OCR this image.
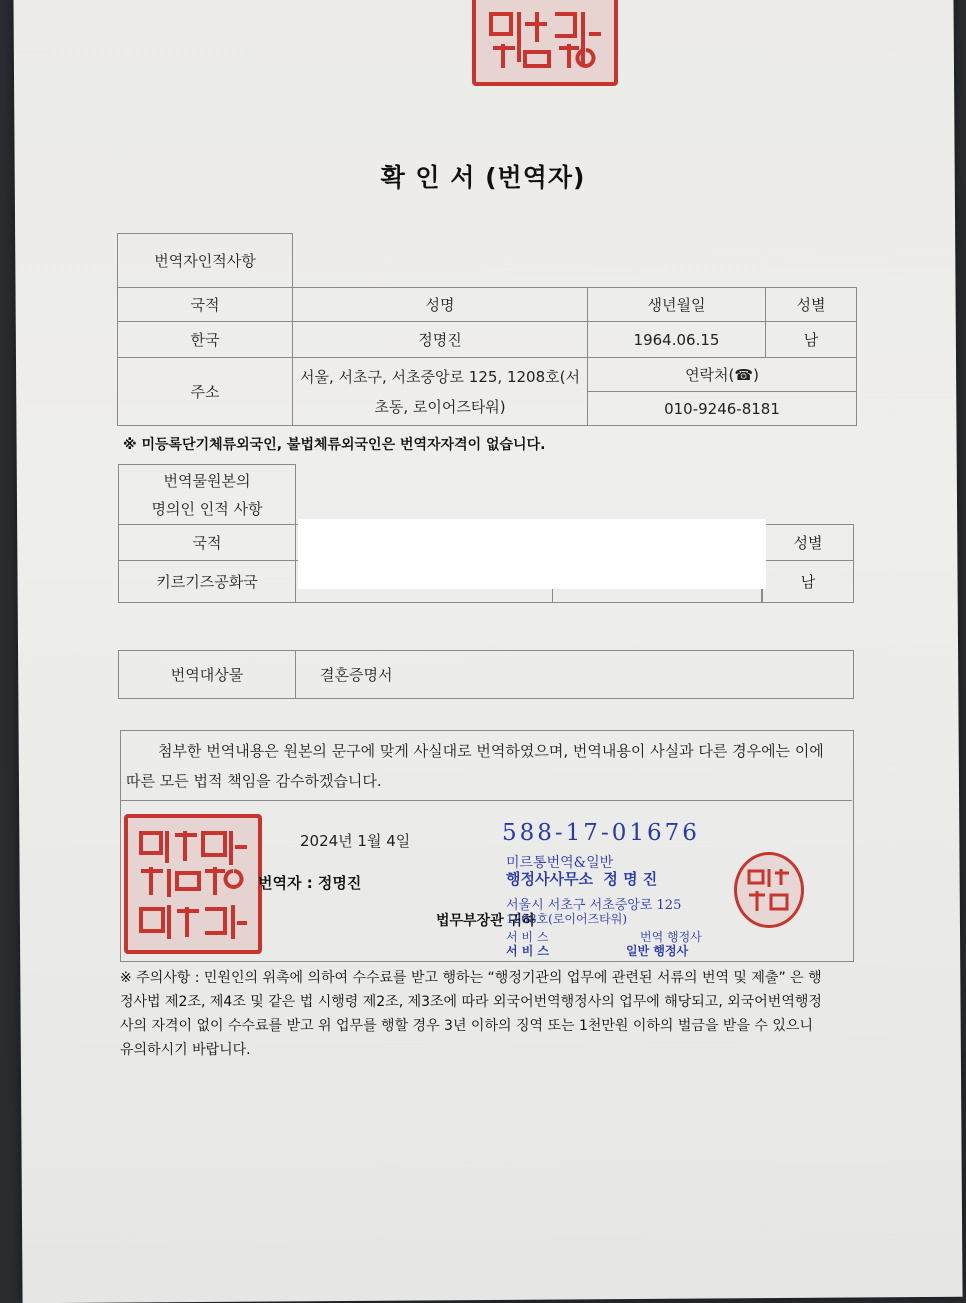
확 인 서 (번역자)
번역자인적사항			
국적	성명	생년월일	성별
한국	정명진	1964.06.15	남
주소	서울, 서초구, 서초중앙로 125, 1208호(서
초동, 로이어즈타워)	연락처(☎)	
		010-9246-8181	
※ 미등록단기체류외국인, 불법체류외국인은 번역자자격이 없습니다.
번역물원본의
명의인 인적 사항			

국적				성별
키르기즈공화국				남
번역대상물	결혼증명서
첨부한 번역내용은 원본의 문구에 맞게 사실대로 번역하였으며, 번역내용이 사실과 다른 경우에는 이에
따른 모든 법적 책임을 감수하겠습니다.
2024년 1월 4일
번역자 : 정명진
법무부장관 귀하
588-17-01676
미르통번역&일반
행정사사무소  정 명 진
서울시 서초구 서초중앙로 125
1208호(로이어즈타워)
서 비 스	번역 행정사
서 비 스	일반 행정사
※ 주의사항 : 민원인의 위촉에 의하여 수수료를 받고 행하는 “행정기관의 업무에 관련된 서류의 번역 및 제출” 은 행
정사법 제2조, 제4조 및 같은 법 시행령 제2조, 제3조에 따라 외국어번역행정사의 업무에 해당되고, 외국어번역행정
사의 자격이 없이 수수료를 받고 위 업무를 행할 경우 3년 이하의 징역 또는 1천만원 이하의 벌금을 받을 수 있으니
유의하시기 바랍니다.
